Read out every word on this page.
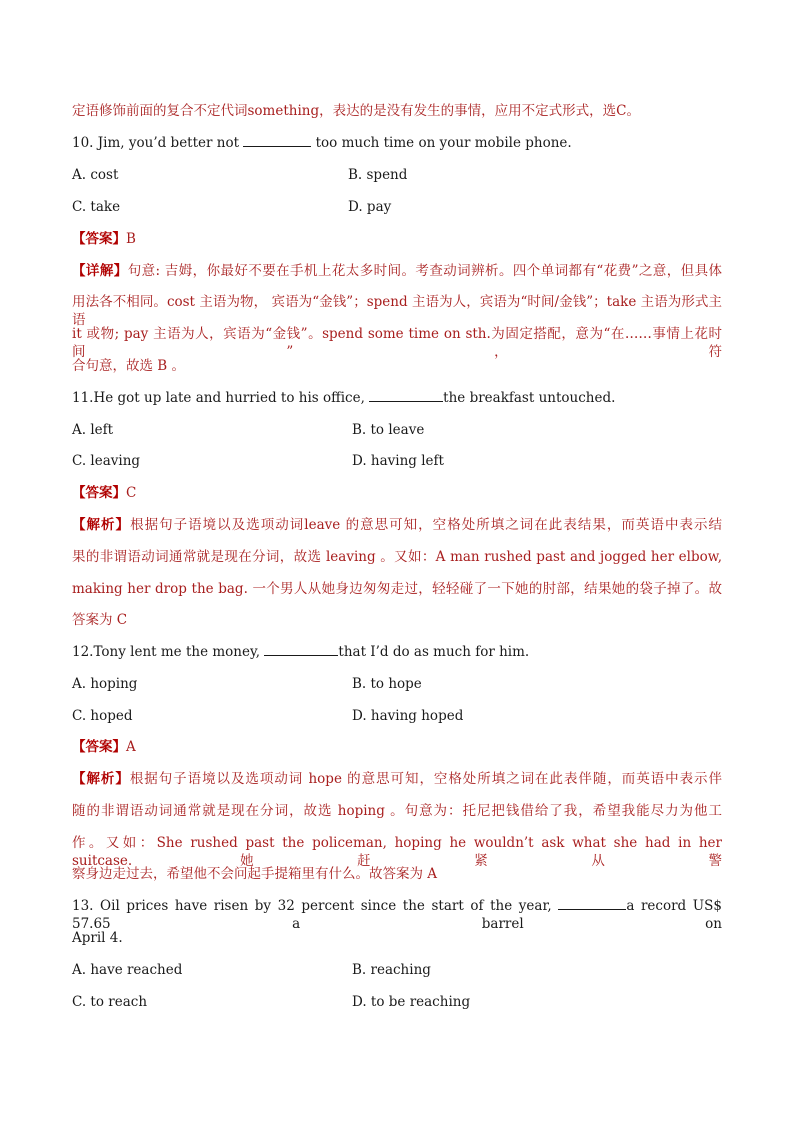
定语修饰前面的复合不定代词something，表达的是没有发生的事情，应用不定式形式，选C。
10. Jim, you’d better not	too much time on your mobile phone.
A. cost	B. spend
C. take	D. pay
【答案】B
【详解】句意: 吉姆，你最好不要在手机上花太多时间。考查动词辨析。四个单词都有“花费”之意，但具体
用法各不相同。cost 主语为物， 宾语为“金钱”；spend 主语为人，宾语为“时间/金钱”；take 主语为形式主语
it 或物; pay 主语为人，宾语为“金钱”。spend some time on sth.为固定搭配，意为“在……事情上花时间”，符
合句意，故选 B 。
11.He got up late and hurried to his office,	the breakfast untouched.
A. left	B. to leave
C. leaving	D. having left
【答案】C
【解析】根据句子语境以及选项动词leave 的意思可知，空格处所填之词在此表结果，而英语中表示结
果的非谓语动词通常就是现在分词，故选 leaving 。又如：A man rushed past and jogged her elbow,
making her drop the bag. 一个男人从她身边匆匆走过，轻轻碰了一下她的肘部，结果她的袋子掉了。故
答案为 C
12.Tony lent me the money,	that I’d do as much for him.
A. hoping	B. to hope
C. hoped	D. having hoped
【答案】A
【解析】根据句子语境以及选项动词 hope 的意思可知，空格处所填之词在此表伴随，而英语中表示伴
随的非谓语动词通常就是现在分词，故选 hoping 。句意为：托尼把钱借给了我，希望我能尽力为他工
作。又如：She rushed past the policeman, hoping he wouldn’t ask what she had in her suitcase. 她赶紧从警
察身边走过去，希望他不会问起手提箱里有什么。故答案为 A
13. Oil prices have risen by 32 percent since the start of the year,	a record US$ 57.65 a barrel on
April 4.
A. have reached	B. reaching
C. to reach	D. to be reaching
